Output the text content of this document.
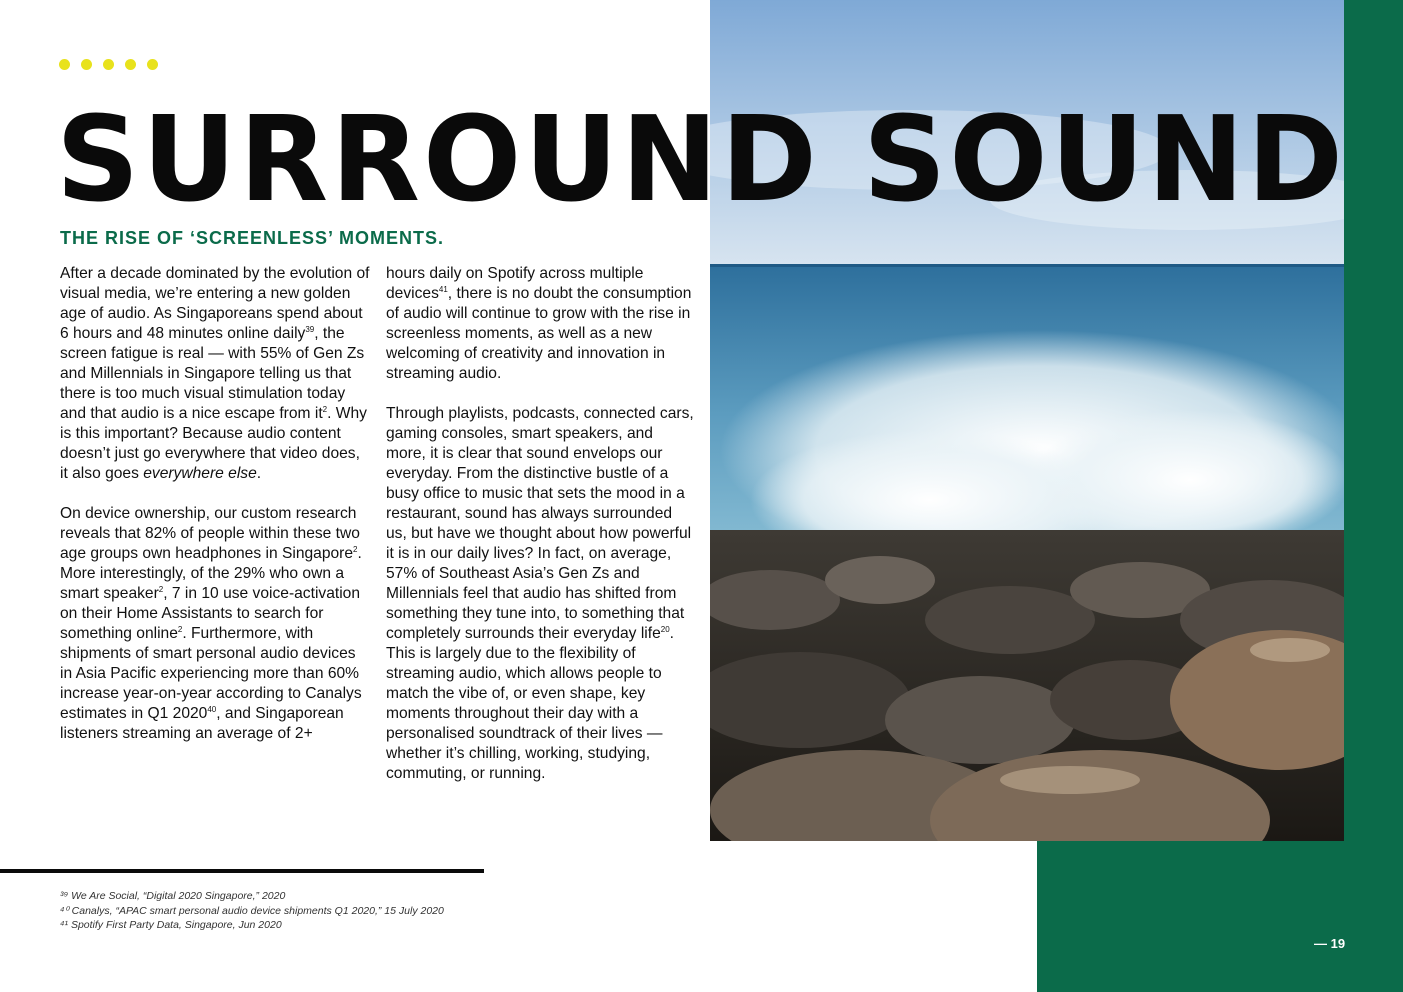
SURROUND SOUND
THE RISE OF ‘SCREENLESS’ MOMENTS.

After a decade dominated by the evolution of visual media, we’re entering a new golden age of audio. As Singaporeans spend about 6 hours and 48 minutes online daily$^{39}$, the screen fatigue is real — with 55% of Gen Zs and Millennials in Singapore telling us that there is too much visual stimulation today and that audio is a nice escape from $it^2$. Why is this important? Because audio content doesn’t just go everywhere that video does, it also goes everywhere else.

On device ownership, our custom research reveals that 82% of people within these two age groups own headphones in Singapore$^2$. More interestingly, of the 29% who own a smart speaker$^2$, 7 in 10 use voice-activation on their Home Assistants to search for something online$^2$. Furthermore, with shipments of smart personal audio devices in Asia Pacific experiencing more than 60% increase year-on-year according to Canalys estimates in Q1 2020$^{40}$, and Singaporean listeners streaming an average of 2+

hours daily on Spotify across multiple devices$^{41}$, there is no doubt the consumption of audio will continue to grow with the rise in screenless moments, as well as a new welcoming of creativity and innovation in streaming audio.

Through playlists, podcasts, connected cars, gaming consoles, smart speakers, and more, it is clear that sound envelops our everyday. From the distinctive bustle of a busy office to music that sets the mood in a restaurant, sound has always surrounded us, but have we thought about how powerful it is in our daily lives? In fact, on average, 57% of Southeast Asia’s Gen Zs and Millennials feel that audio has shifted from something they tune into, to something that completely surrounds their everyday life$^{20}$. This is largely due to the flexibility of streaming audio, which allows people to match the vibe of, or even shape, key moments throughout their day with a personalised soundtrack of their lives — whether it’s chilling, working, studying, commuting, or running.

³⁹ We Are Social, “Digital 2020 Singapore,” 2020
⁴⁰ Canalys, “APAC smart personal audio device shipments Q1 2020,” 15 July 2020
⁴¹ Spotify First Party Data, Singapore, Jun 2020
— 19
